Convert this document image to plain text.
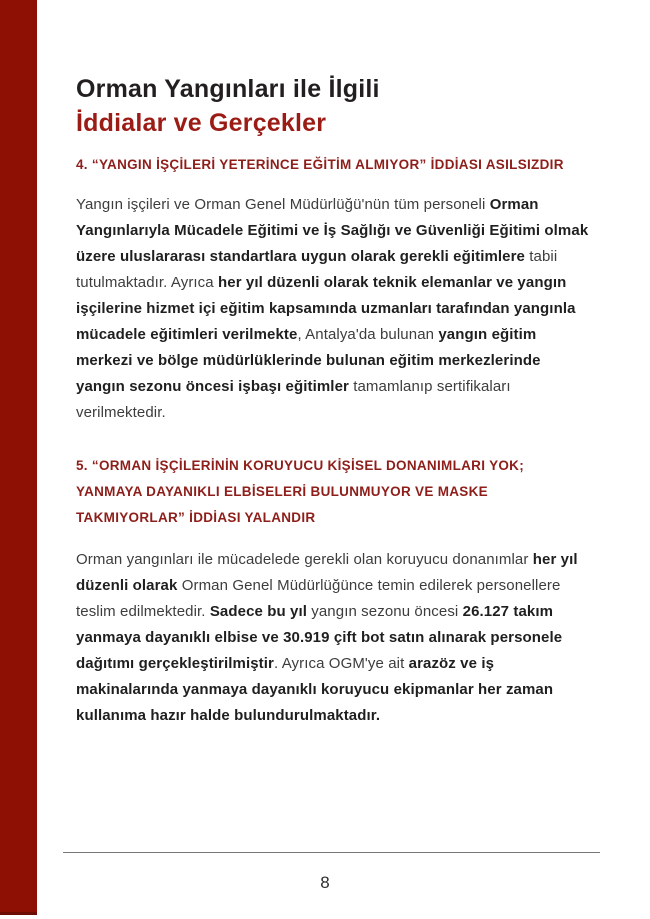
Orman Yangınları ile İlgili
İddialar ve Gerçekler
4. “YANGIN İŞÇİLERİ YETERİNCE EĞİTİM ALMIYOR” İDDİASI ASILSIZDIR

Yangın işçileri ve Orman Genel Müdürlüğü'nün tüm personeli Orman Yangınlarıyla Mücadele Eğitimi ve İş Sağlığı ve Güvenliği Eğitimi olmak üzere uluslararası standartlara uygun olarak gerekli eğitimlere tabii tutulmaktadır. Ayrıca her yıl düzenli olarak teknik elemanlar ve yangın işçilerine hizmet içi eğitim kapsamında uzmanları tarafından yangınla mücadele eğitimleri verilmekte, Antalya'da bulunan yangın eğitim merkezi ve bölge müdürlüklerinde bulunan eğitim merkezlerinde yangın sezonu öncesi işbaşı eğitimler tamamlanıp sertifikaları verilmektedir.

5. “ORMAN İŞÇİLERİNİN KORUYUCU KİŞİSEL DONANIMLARI YOK; YANMAYA DAYANIKLI ELBİSELERİ BULUNMUYOR VE MASKE TAKMIYORLAR” İDDİASI YALANDIR

Orman yangınları ile mücadelede gerekli olan koruyucu donanımlar her yıl düzenli olarak Orman Genel Müdürlüğünce temin edilerek personellere teslim edilmektedir. Sadece bu yıl yangın sezonu öncesi 26.127 takım yanmaya dayanıklı elbise ve 30.919 çift bot satın alınarak personele dağıtımı gerçekleştirilmiştir. Ayrıca OGM'ye ait arazöz ve iş makinalarında yanmaya dayanıklı koruyucu ekipmanlar her zaman kullanıma hazır halde bulundurulmaktadır.

8
